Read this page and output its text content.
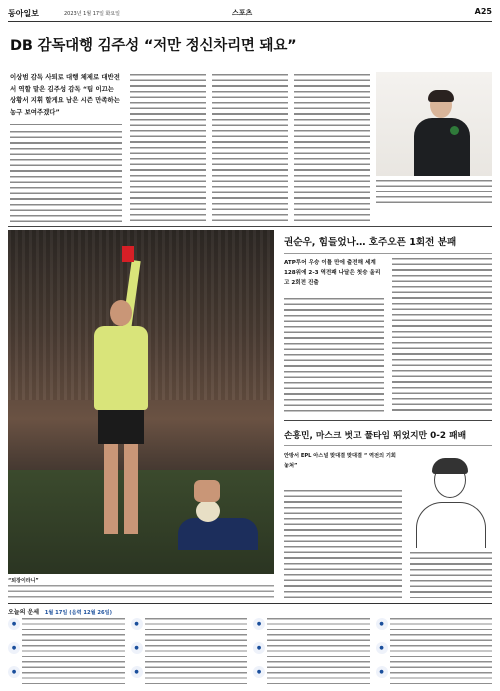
동아일보	2023년 1월 17일 화요일	스포츠	A25
DB 감독대행 김주성 “저만 정신차리면 돼요”
이상범 감독 사퇴로 대행 체제로 대반전서 역할 맡은 김주성 감독 “팀 이끄는 상황서 지휘 할게요 남은 시즌 만족하는 농구 보여주겠다”
“퇴장이라니”
권순우, 힘들었나… 호주오픈 1회전 분패
ATP투어 우승 이틀 만에 출전해 세계 128위에 2-3 역전패 나달은 첫승 올리고 2회전 진출
손흥민, 마스크 벗고 풀타임 뛰었지만 0-2 패배
안방서 EPL 아스널 맞대결 맞대결 “ 역전의 기회 놓쳐”
오늘의 운세 1월 17일 (음력 12월 26일)
●
●
●
●
●
●
●
●
●
●
●
●
